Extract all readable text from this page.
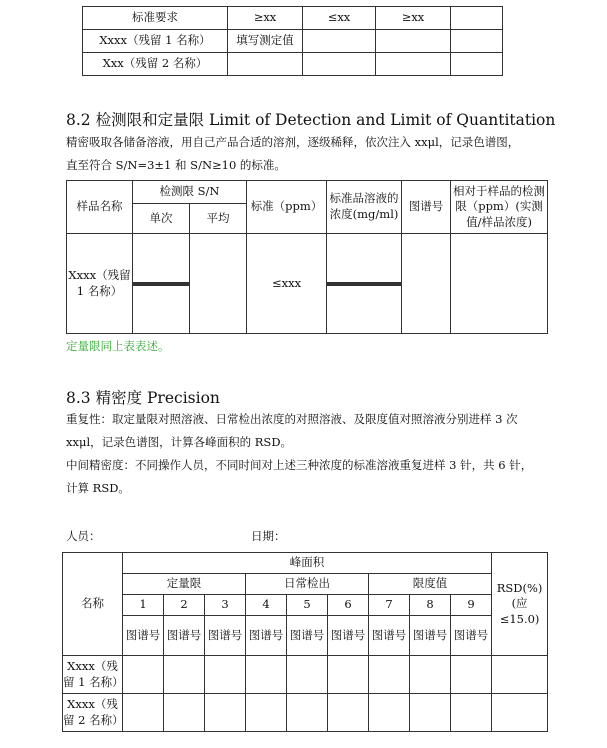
标准要求	≥xx	≤xx	≥xx	
Xxxx（残留 1 名称）	填写测定值			
Xxx（残留 2 名称）				
8.2 检测限和定量限 Limit of Detection and Limit of Quantitation
精密吸取各储备溶液，用自己产品合适的溶剂，逐级稀释，依次注入 xxμl，记录色谱图，
直至符合 S/N=3±1 和 S/N≥10 的标准。
样品名称	检测限 S/N		标准（ppm）	标准品溶液的浓度(mg/ml)	图谱号	相对于样品的检测限（ppm）(实测值/样品浓度)
	单次	平均				
Xxxx（残留 1 名称）			≤xxx	

定量限同上表表述。
8.3 精密度 Precision
重复性：取定量限对照溶液、日常检出浓度的对照溶液、及限度值对照溶液分别进样 3 次
xxμl，记录色谱图，计算各峰面积的 RSD。
中间精密度：不同操作人员，不同时间对上述三种浓度的标准溶液重复进样 3 针，共 6 针，
计算 RSD。
人员：	日期：
名称	峰面积									RSD(%)(应≤15.0)
	定量限			日常检出			限度值			
	1	2	3	4	5	6	7	8	9	
	图谱号	图谱号	图谱号	图谱号	图谱号	图谱号	图谱号	图谱号	图谱号	
Xxxx（残留 1 名称）										
Xxxx（残留 2 名称）										
